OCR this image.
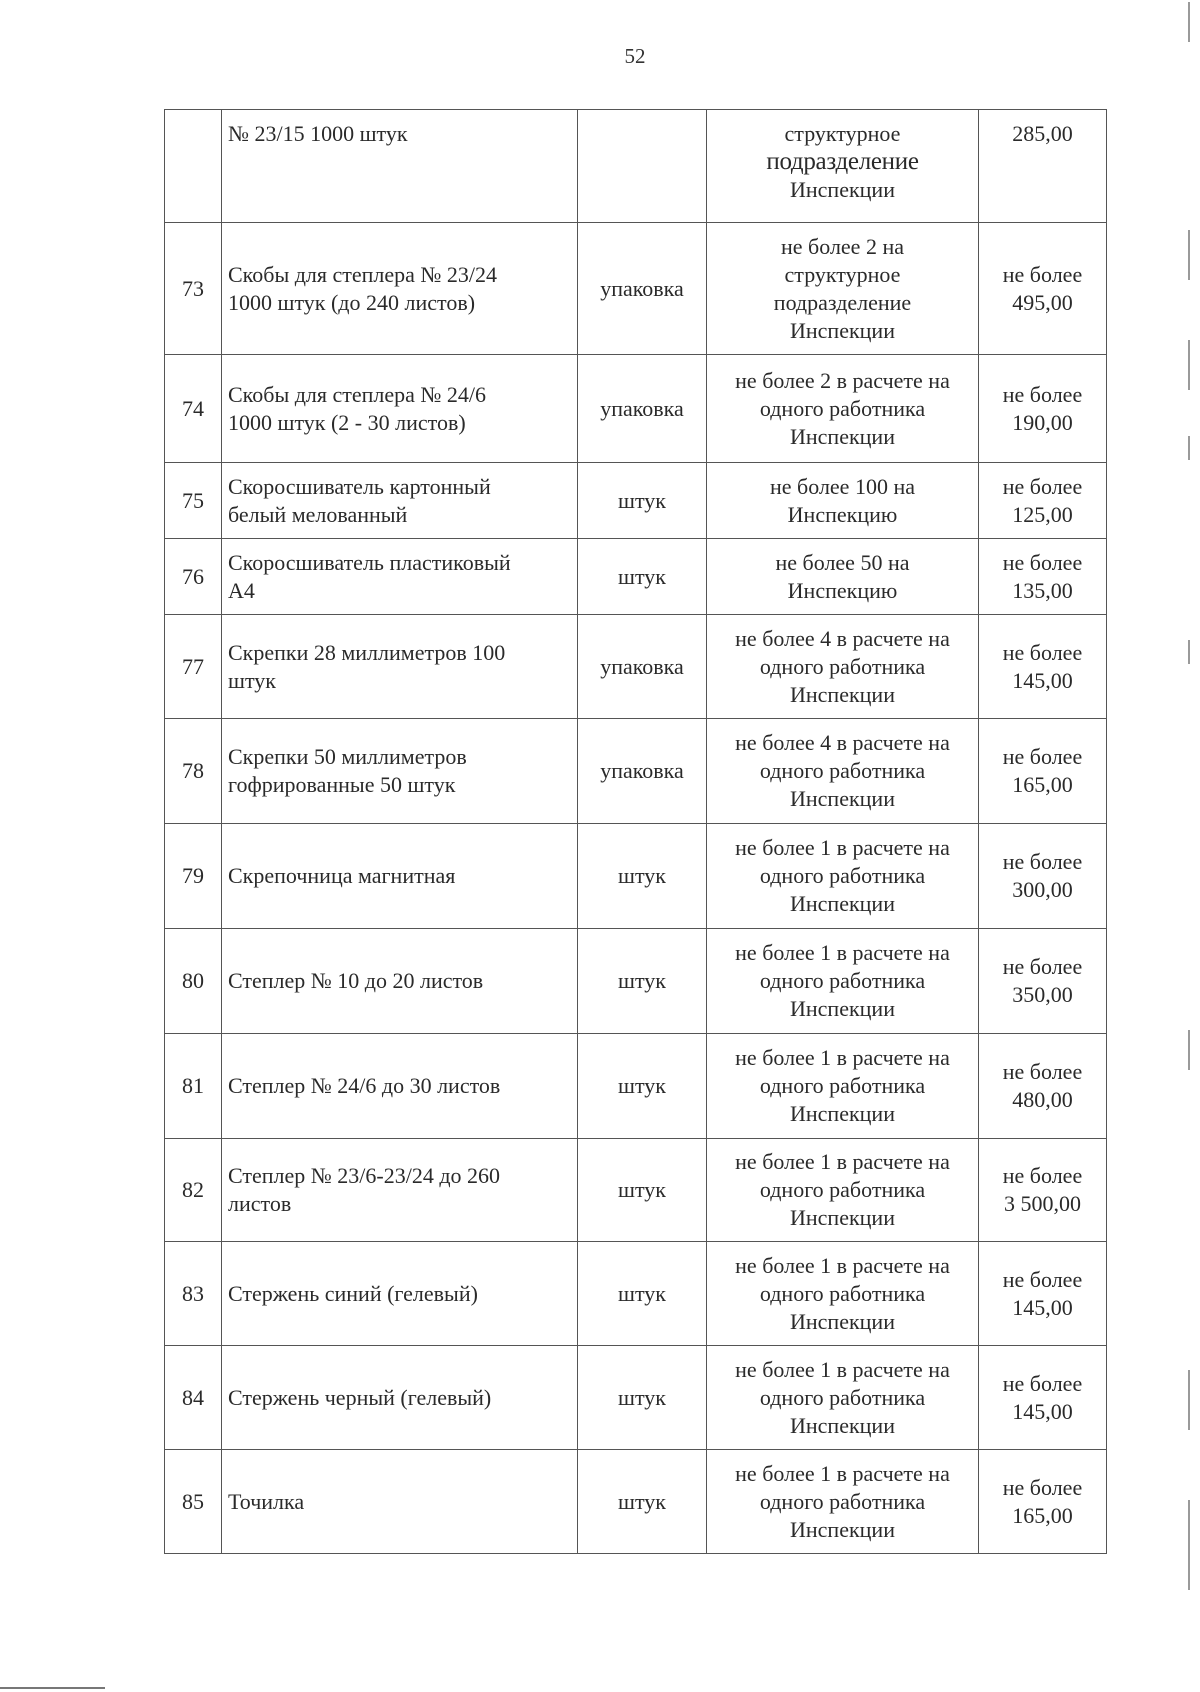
52
	№ 23/15 1000 штук		структурное
подразделение
Инспекции	285,00

73	Скобы для степлера № 23/24
1000 штук (до 240 листов)	упаковка	не более 2 на
структурное
подразделение
Инспекции	не более
495,00

74	Скобы для степлера № 24/6
1000 штук (2 - 30 листов)	упаковка	не более 2 в расчете на
одного работника
Инспекции	не более
190,00

75	Скоросшиватель картонный
белый мелованный	штук	не более 100 на
Инспекцию	не более
125,00

76	Скоросшиватель пластиковый
А4	штук	не более 50 на
Инспекцию	не более
135,00

77	Скрепки 28 миллиметров 100
штук	упаковка	не более 4 в расчете на
одного работника
Инспекции	не более
145,00

78	Скрепки 50 миллиметров
гофрированные 50 штук	упаковка	не более 4 в расчете на
одного работника
Инспекции	не более
165,00

79	Скрепочница магнитная	штук	не более 1 в расчете на
одного работника
Инспекции	не более
300,00

80	Степлер № 10 до 20 листов	штук	не более 1 в расчете на
одного работника
Инспекции	не более
350,00

81	Степлер № 24/6 до 30 листов	штук	не более 1 в расчете на
одного работника
Инспекции	не более
480,00

82	Степлер № 23/6-23/24 до 260
листов	штук	не более 1 в расчете на
одного работника
Инспекции	не более
3 500,00

83	Стержень синий (гелевый)	штук	не более 1 в расчете на
одного работника
Инспекции	не более
145,00

84	Стержень черный (гелевый)	штук	не более 1 в расчете на
одного работника
Инспекции	не более
145,00

85	Точилка	штук	не более 1 в расчете на
одного работника
Инспекции	не более
165,00
